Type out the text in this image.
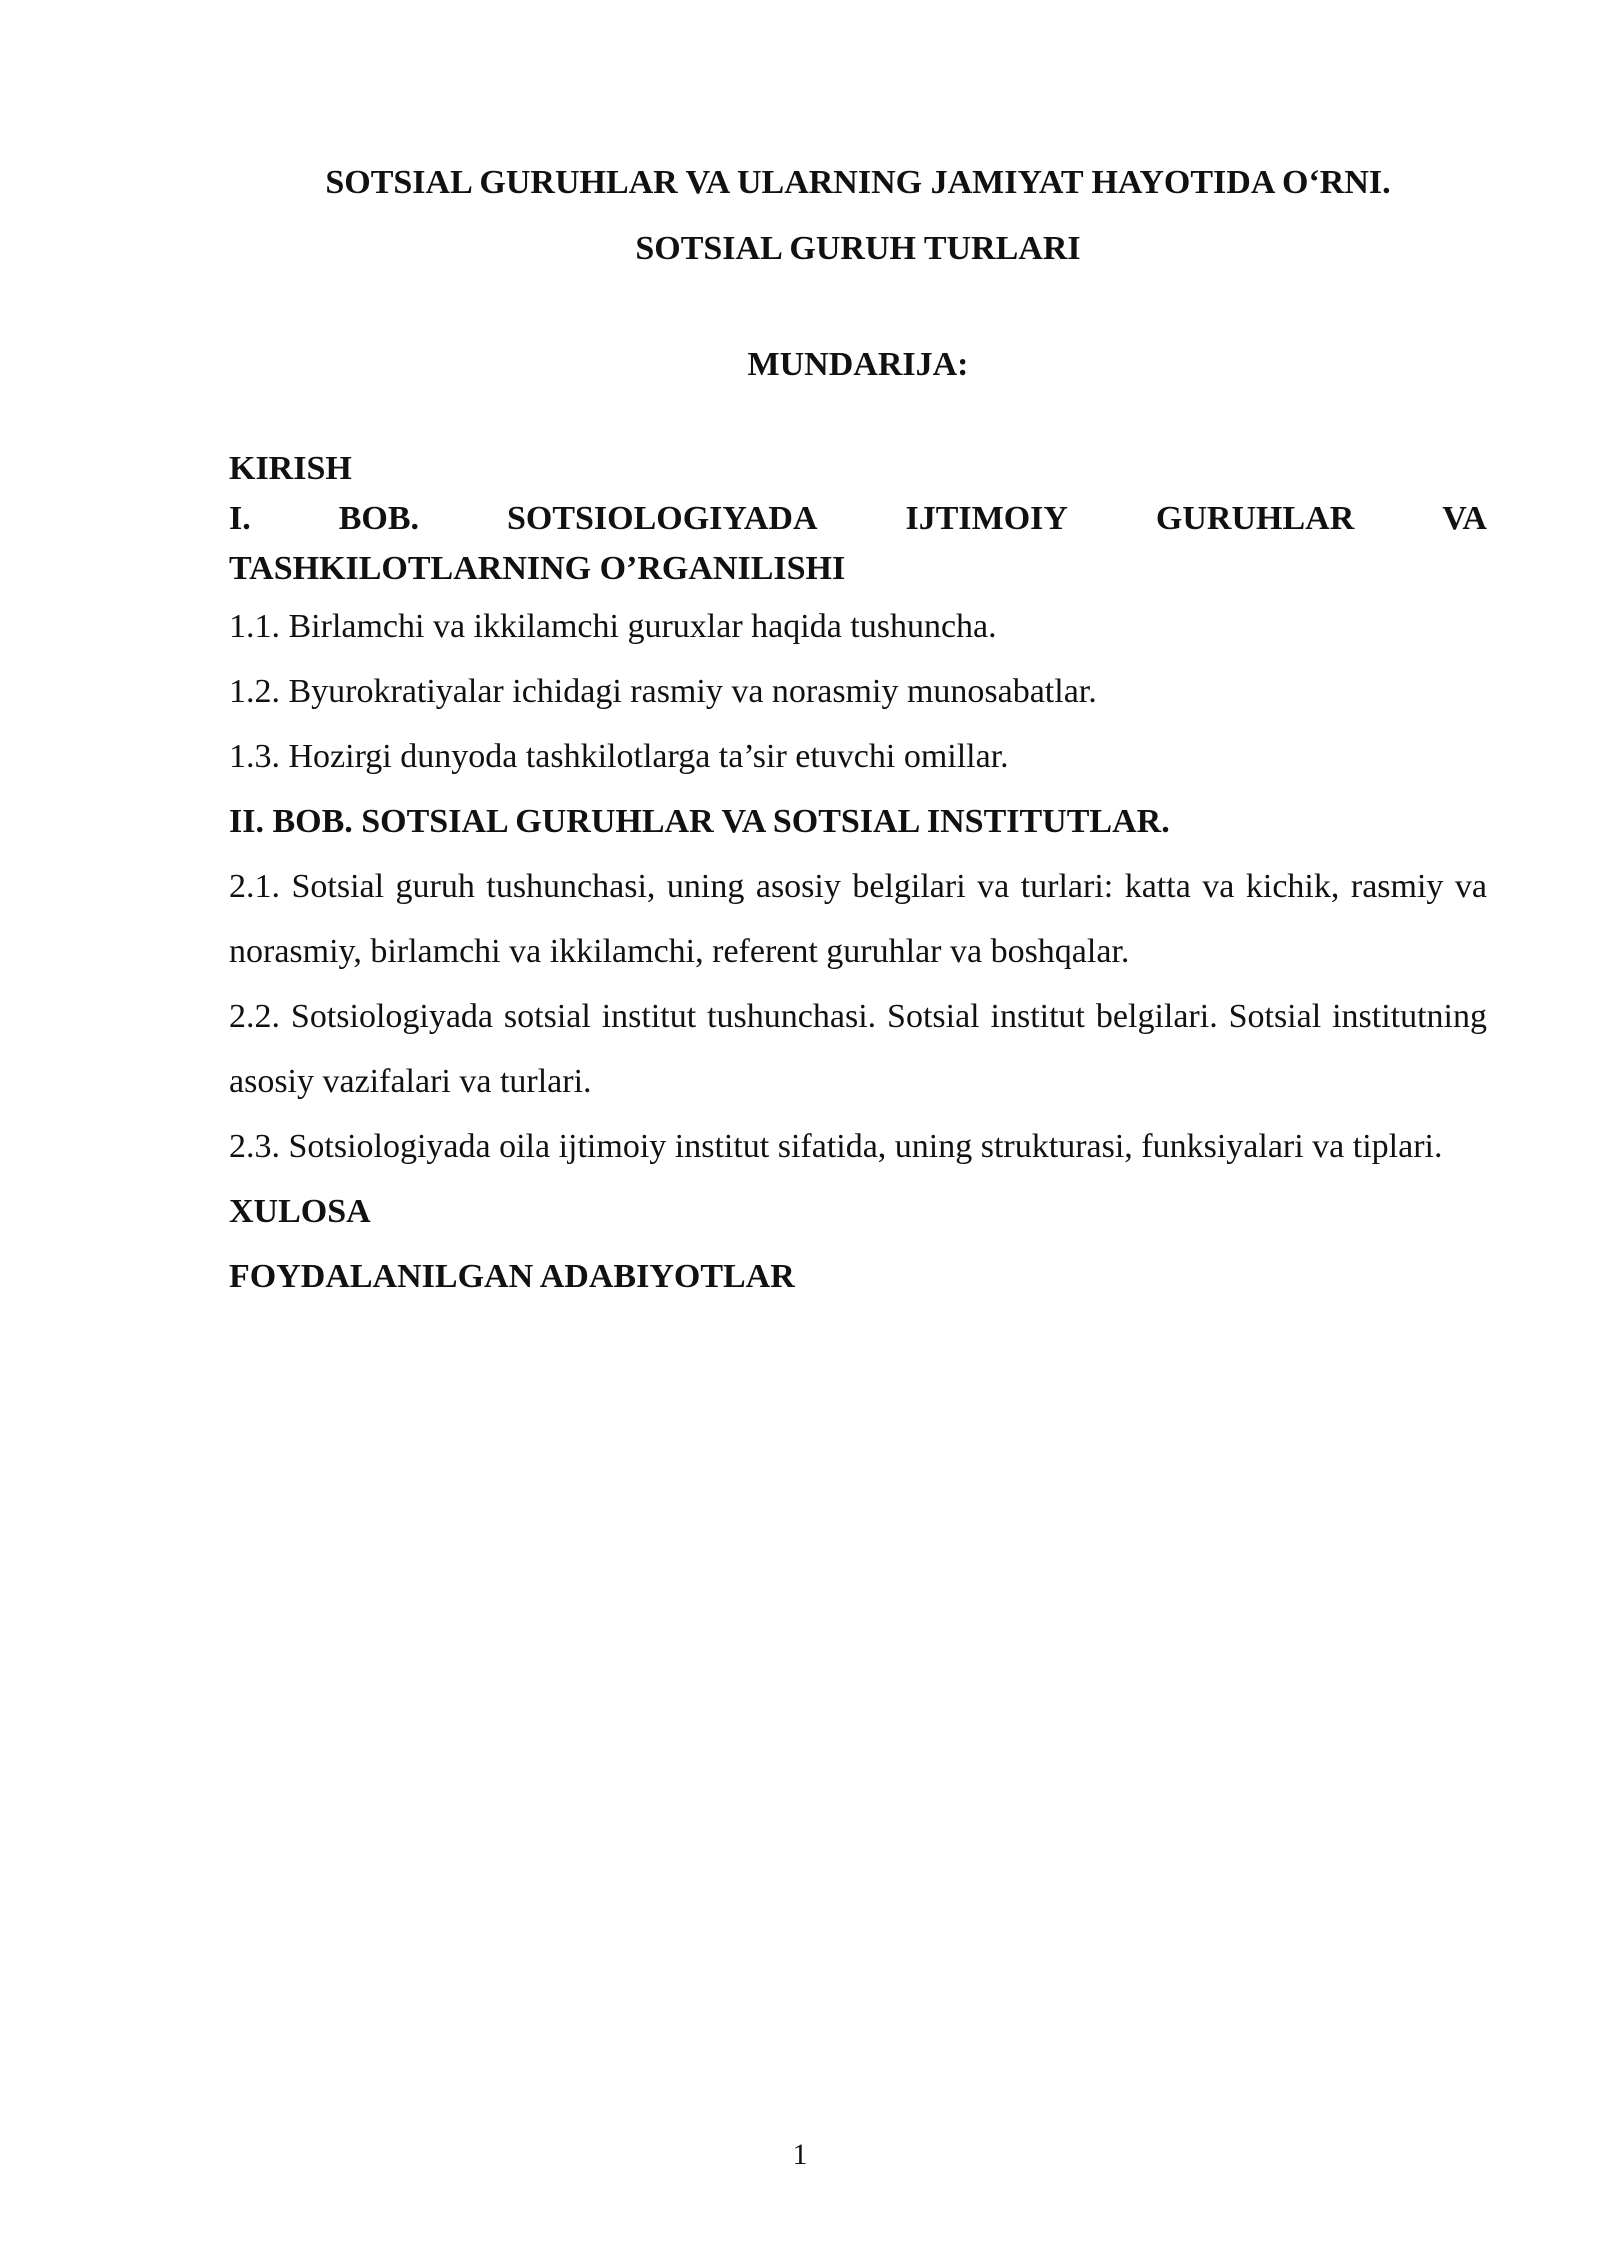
SOTSIAL GURUHLAR VA ULARNING JAMIYAT HAYOTIDA O‘RNI.
SOTSIAL GURUH TURLARI
MUNDARIJA:
KIRISH
I.	BOB.	SOTSIOLOGIYADA	IJTIMOIY	GURUHLAR	VA
TASHKILOTLARNING O’RGANILISHI
1.1. Birlamchi va ikkilamchi guruxlar haqida tushuncha.
1.2. Byurokratiyalar ichidagi rasmiy va norasmiy munosabatlar.
1.3. Hozirgi dunyoda tashkilotlarga ta’sir etuvchi omillar.
II. BOB. SOTSIAL GURUHLAR VA SOTSIAL INSTITUTLAR.
2.1. Sotsial guruh tushunchasi, uning asosiy belgilari va turlari: katta va kichik, rasmiy va norasmiy, birlamchi va ikkilamchi, referent guruhlar va boshqalar.
2.2. Sotsiologiyada sotsial institut tushunchasi. Sotsial institut belgilari. Sotsial institutning asosiy vazifalari va turlari.
2.3. Sotsiologiyada oila ijtimoiy institut sifatida, uning strukturasi, funksiyalari va tiplari.
XULOSA
FOYDALANILGAN ADABIYOTLAR
1
